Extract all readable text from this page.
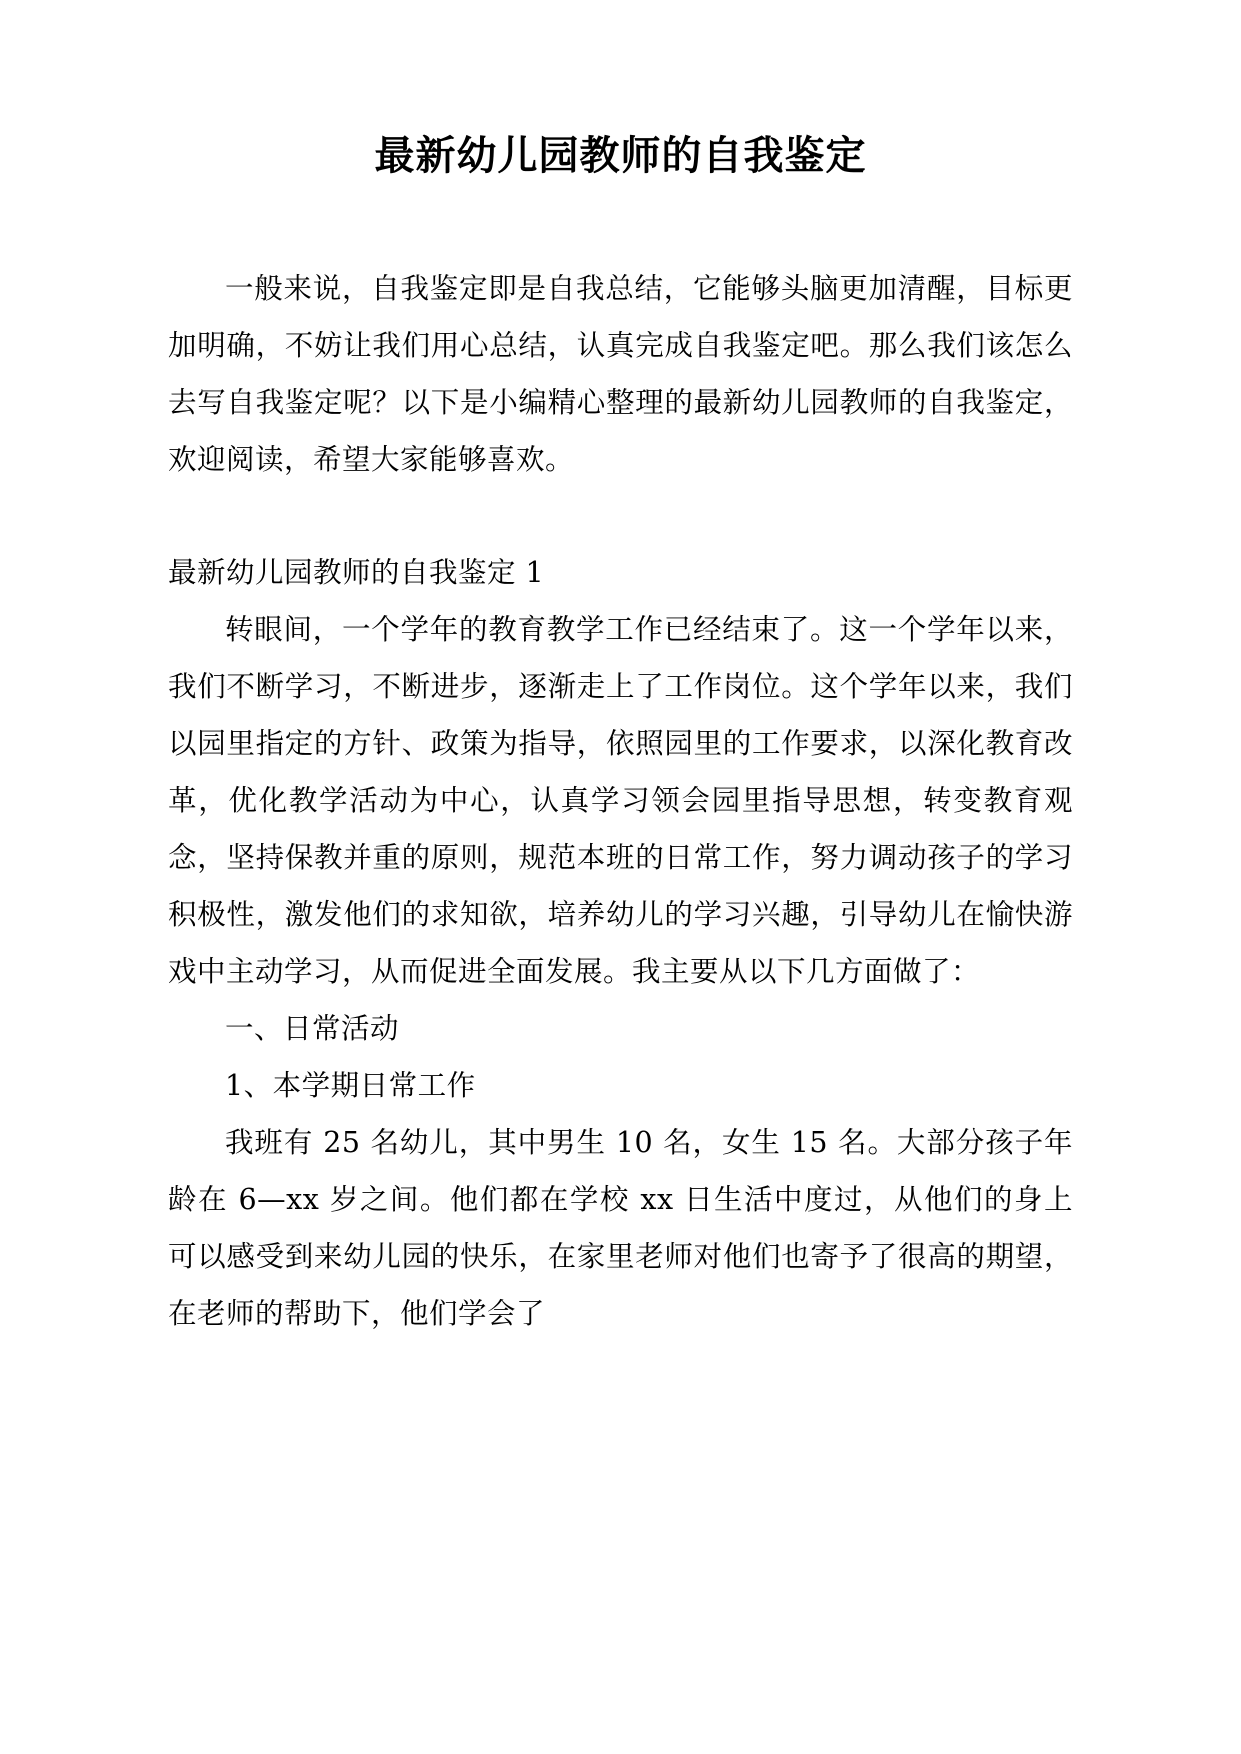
最新幼儿园教师的自我鉴定

一般来说，自我鉴定即是自我总结，它能够头脑更加清醒，目标更加明确，不妨让我们用心总结，认真完成自我鉴定吧。那么我们该怎么去写自我鉴定呢？以下是小编精心整理的最新幼儿园教师的自我鉴定，欢迎阅读，希望大家能够喜欢。

最新幼儿园教师的自我鉴定 1

转眼间，一个学年的教育教学工作已经结束了。这一个学年以来，我们不断学习，不断进步，逐渐走上了工作岗位。这个学年以来，我们以园里指定的方针、政策为指导，依照园里的工作要求，以深化教育改革，优化教学活动为中心，认真学习领会园里指导思想，转变教育观念，坚持保教并重的原则，规范本班的日常工作，努力调动孩子的学习积极性，激发他们的求知欲，培养幼儿的学习兴趣，引导幼儿在愉快游戏中主动学习，从而促进全面发展。我主要从以下几方面做了：

一、日常活动

1、本学期日常工作

我班有 25 名幼儿，其中男生 10 名，女生 15 名。大部分孩子年龄在 6—xx 岁之间。他们都在学校 xx 日生活中度过，从他们的身上可以感受到来幼儿园的快乐，在家里老师对他们也寄予了很高的期望，在老师的帮助下，他们学会了
